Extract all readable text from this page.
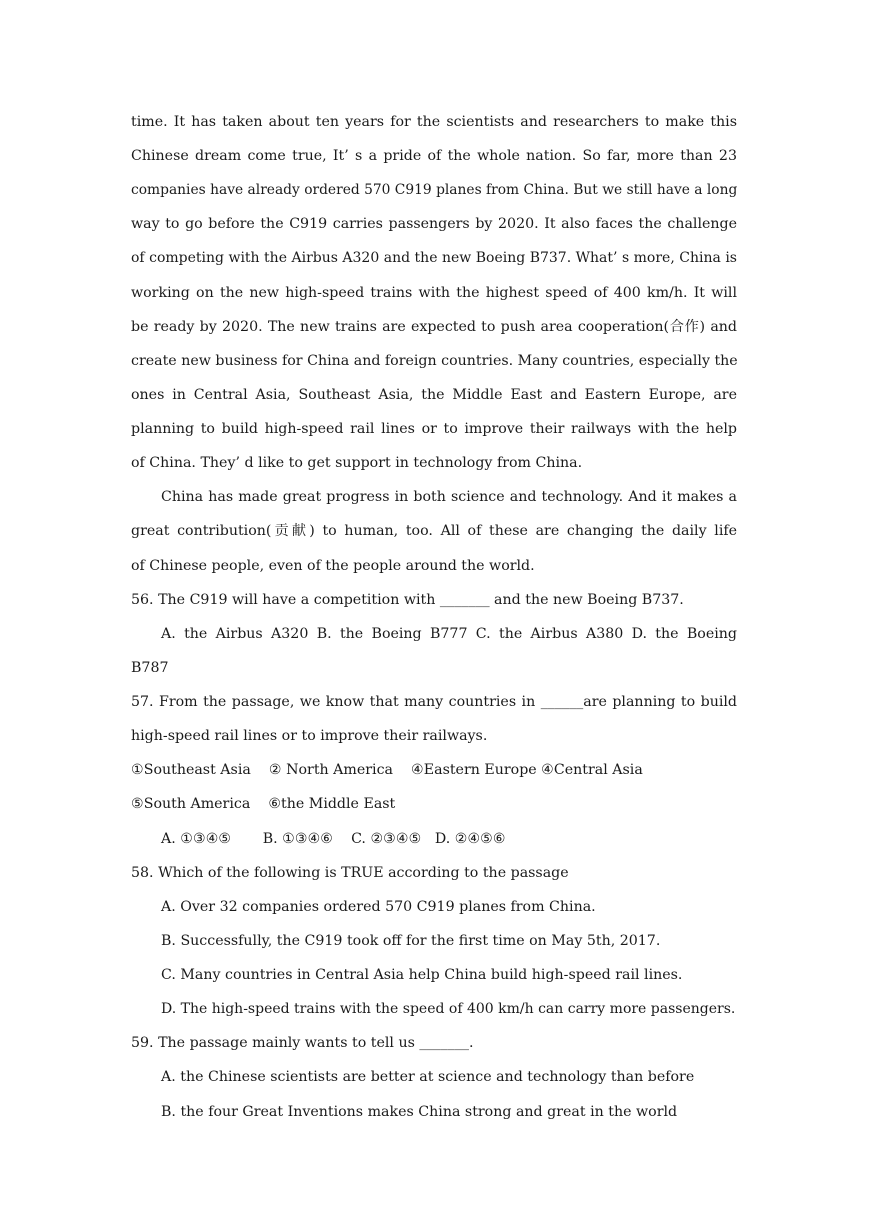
time. It has taken about ten years for the scientists and researchers to make this

Chinese dream come true, It’ s a pride of the whole nation. So far, more than 23

companies have already ordered 570 C919 planes from China. But we still have a long

way to go before the C919 carries passengers by 2020. It also faces the challenge

of competing with the Airbus A320 and the new Boeing B737. What’ s more, China is

working on the new high-speed trains with the highest speed of 400 km/h. It will

be ready by 2020. The new trains are expected to push area cooperation(合作) and

create new business for China and foreign countries. Many countries, especially the

ones in Central Asia, Southeast Asia, the Middle East and Eastern Europe, are

planning to build high-speed rail lines or to improve their railways with the help

of China. They’ d like to get support in technology from China.

China has made great progress in both science and technology. And it makes a

great contribution(贡献) to human, too. All of these are changing the daily life

of Chinese people, even of the people around the world.

56. The C919 will have a competition with _______ and the new Boeing B737.

A. the Airbus A320 B. the Boeing B777 C. the Airbus A380 D. the Boeing

B787

57. From the passage, we know that many countries in ______are planning to build

high-speed rail lines or to improve their railways.

①Southeast Asia    ② North America    ④Eastern Europe ④Central Asia

⑤South America    ⑥the Middle East

A. ①③④⑤       B. ①③④⑥    C. ②③④⑤   D. ②④⑤⑥

58. Which of the following is TRUE according to the passage

A. Over 32 companies ordered 570 C919 planes from China.

B. Successfully, the C919 took off for the first time on May 5th, 2017.

C. Many countries in Central Asia help China build high-speed rail lines.

D. The high-speed trains with the speed of 400 km/h can carry more passengers.

59. The passage mainly wants to tell us _______.

A. the Chinese scientists are better at science and technology than before

B. the four Great Inventions makes China strong and great in the world
